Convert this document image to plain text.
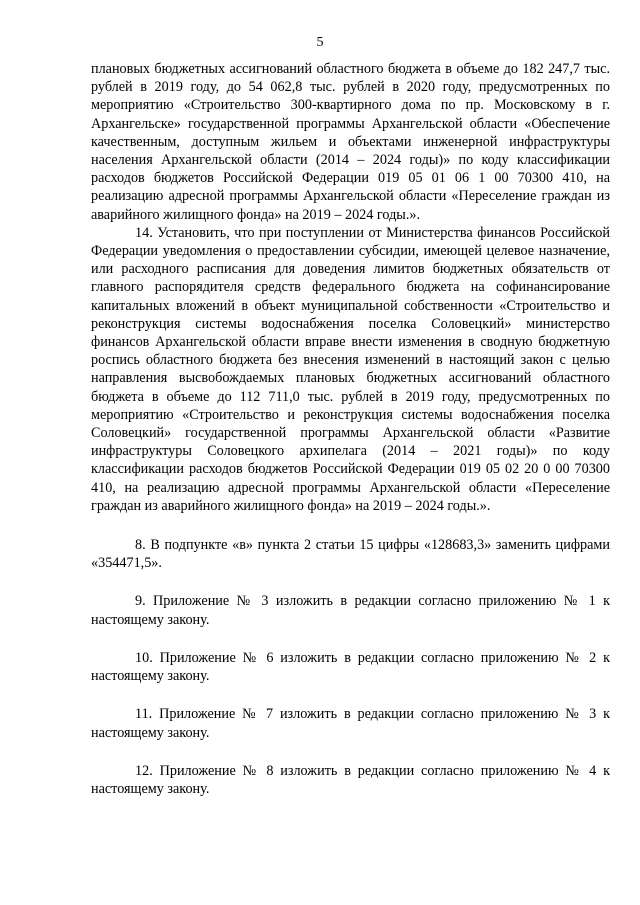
5

плановых бюджетных ассигнований областного бюджета в объеме до 182 247,7 тыс. рублей в 2019 году, до 54 062,8 тыс. рублей в 2020 году, предусмотренных по мероприятию «Строительство 300-квартирного дома по пр. Московскому в г. Архангельске» государственной программы Архангельской области «Обеспечение качественным, доступным жильем и объектами инженерной инфраструктуры населения Архангельской области (2014 – 2024 годы)» по коду классификации расходов бюджетов Российской Федерации 019 05 01 06 1 00 70300 410, на реализацию адресной программы Архангельской области «Переселение граждан из аварийного жилищного фонда» на 2019 – 2024 годы.».

14. Установить, что при поступлении от Министерства финансов Российской Федерации уведомления о предоставлении субсидии, имеющей целевое назначение, или расходного расписания для доведения лимитов бюджетных обязательств от главного распорядителя средств федерального бюджета на софинансирование капитальных вложений в объект муниципальной собственности «Строительство и реконструкция системы водоснабжения поселка Соловецкий» министерство финансов Архангельской области вправе внести изменения в сводную бюджетную роспись областного бюджета без внесения изменений в настоящий закон с целью направления высвобождаемых плановых бюджетных ассигнований областного бюджета в объеме до 112 711,0 тыс. рублей в 2019 году, предусмотренных по мероприятию «Строительство и реконструкция системы водоснабжения поселка Соловецкий» государственной программы Архангельской области «Развитие инфраструктуры Соловецкого архипелага (2014 – 2021 годы)» по коду классификации расходов бюджетов Российской Федерации 019 05 02 20 0 00 70300 410, на реализацию адресной программы Архангельской области «Переселение граждан из аварийного жилищного фонда» на 2019 – 2024 годы.».

8. В подпункте «в» пункта 2 статьи 15 цифры «128683,3» заменить цифрами «354471,5».

9. Приложение № 3 изложить в редакции согласно приложению № 1 к настоящему закону.

10. Приложение № 6 изложить в редакции согласно приложению № 2 к настоящему закону.

11. Приложение № 7 изложить в редакции согласно приложению № 3 к настоящему закону.

12. Приложение № 8 изложить в редакции согласно приложению № 4 к настоящему закону.
